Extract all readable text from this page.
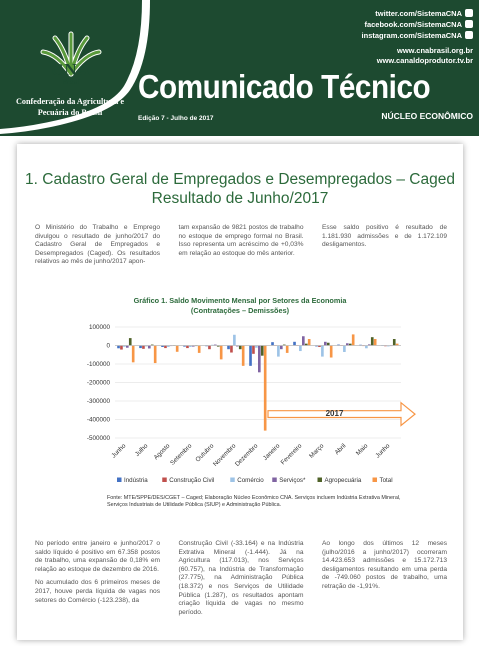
CNA
Brasil
Confederação da Agricultura e Pecuária do Brasil
twitter.com/SistemaCNA
facebook.com/SistemaCNA
instagram.com/SistemaCNA
www.cnabrasil.org.br
www.canaldoprodutor.tv.br
Comunicado Técnico
Edição 7 - Julho de 2017	NÚCLEO ECONÔMICO
1. Cadastro Geral de Empregados e Desempregados – Caged
Resultado de Junho/2017

O Ministério do Trabalho e Emprego divulgou o resultado de junho/2017 do Cadastro Geral de Empregados e Desempregados (Caged). Os resultados relativos ao mês de junho/2017 apon-

tam expansão de 9821 postos de trabalho no estoque de emprego formal no Brasil. Isso representa um acréscimo de +0,03% em relação ao estoque do mês anterior.

Esse saldo positivo é resultado de 1.181.930 admissões e de 1.172.109 desligamentos.

Gráfico 1. Saldo Movimento Mensal por Setores da Economia
(Contratações – Demissões)
100000
0
-100000
-200000
-300000
-400000
-500000
2017
Junho Julho Agosto
Setembro Outubro
Novembro
Dezembro Janeiro
Fevereiro Março Abril Maio Junho
Indústria	Construção Civil	Comércio	Serviços*	Agropecuária	Total
Fonte: MTE/SPPE/DES/CGET – Caged; Elaboração Núcleo Econômico CNA. Serviços incluem Indústria Extrativa Mineral, Serviços Industriais de Utilidade Pública (SIUP) e Administração Pública.

No período entre janeiro e junho/2017 o saldo líquido é positivo em 67.358 postos de trabalho, uma expansão de 0,18% em relação ao estoque de dezembro de 2016.

No acumulado dos 6 primeiros meses de 2017, houve perda líquida de vagas nos setores do Comércio (-123.238), da

Construção Civil (-33.164) e na Indústria Extrativa Mineral (-1.444). Já na Agricultura (117.013), nos Serviços (60.757), na Indústria de Transformação (27.775), na Administração Pública (18.372) e nos Serviços de Utilidade Pública (1.287), os resultados apontam criação líquida de vagas no mesmo período.

Ao longo dos últimos 12 meses (julho/2016 a junho/2017) ocorreram 14.423.653 admissões e 15.172.713 desligamentos resultando em uma perda de -749.060 postos de trabalho, uma retração de -1,91%.
